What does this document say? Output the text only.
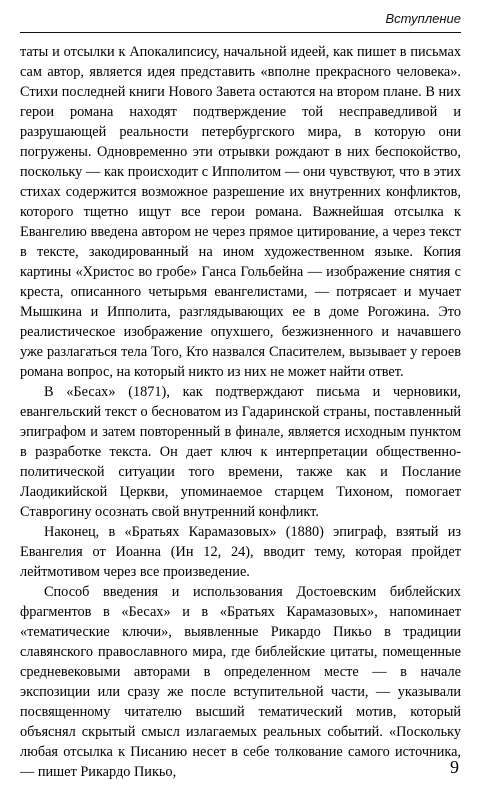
Вступление

таты и отсылки к Апокалипсису, начальной идеей, как пишет в письмах сам автор, является идея представить «вполне прекрасного человека». Стихи последней книги Нового Завета остаются на втором плане. В них герои романа находят подтверждение той несправедливой и разрушающей реальности петербургского мира, в которую они погружены. Одновременно эти отрывки рождают в них беспокойство, поскольку — как происходит с Ипполитом — они чувствуют, что в этих стихах содержится возможное разрешение их внутренних конфликтов, которого тщетно ищут все герои романа. Важнейшая отсылка к Евангелию введена автором не через прямое цитирование, а через текст в тексте, закодированный на ином художественном языке. Копия картины «Христос во гробе» Ганса Гольбейна — изображение снятия с креста, описанного четырьмя евангелистами, — потрясает и мучает Мышкина и Ипполита, разглядывающих ее в доме Рогожина. Это реалистическое изображение опухшего, безжизненного и начавшего уже разлагаться тела Того, Кто назвался Спасителем, вызывает у героев романа вопрос, на который никто из них не может найти ответ.

В «Бесах» (1871), как подтверждают письма и черновики, евангельский текст о бесноватом из Гадаринской страны, поставленный эпиграфом и затем повторенный в финале, является исходным пунктом в разработке текста. Он дает ключ к интерпретации общественно-политической ситуации того времени, также как и Послание Лаодикийской Церкви, упоминаемое старцем Тихоном, помогает Ставрогину осознать свой внутренний конфликт.

Наконец, в «Братьях Карамазовых» (1880) эпиграф, взятый из Евангелия от Иоанна (Ин 12, 24), вводит тему, которая пройдет лейтмотивом через все произведение.

Способ введения и использования Достоевским библейских фрагментов в «Бесах» и в «Братьях Карамазовых», напоминает «тематические ключи», выявленные Рикардо Пикьо в традиции славянского православного мира, где библейские цитаты, помещенные средневековыми авторами в определенном месте — в начале экспозиции или сразу же после вступительной части, — указывали посвященному читателю высший тематический мотив, который объяснял скрытый смысл излагаемых реальных событий. «Поскольку любая отсылка к Писанию несет в себе толкование самого источника, — пишет Рикардо Пикьо,	9
